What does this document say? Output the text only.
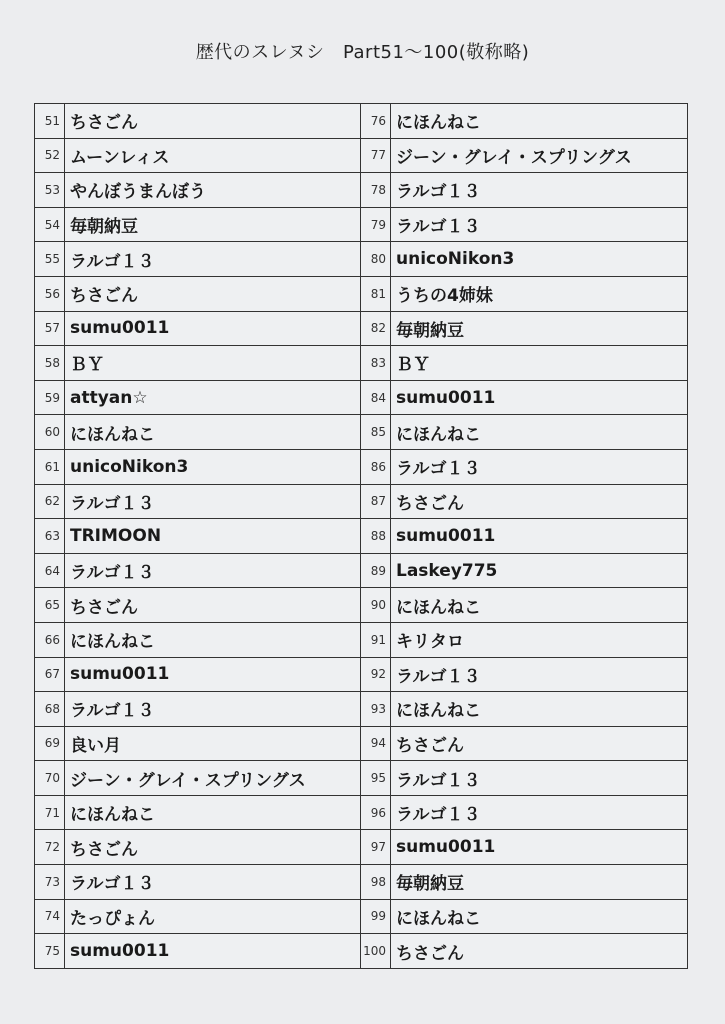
歴代のスレヌシ　Part51〜100(敬称略)
51 ちさごん
52 ムーンレィス
53 やんぼうまんぼう
54 毎朝納豆
55 ラルゴ１３
56 ちさごん
57 sumu0011
58 ＢＹ
59 attyan☆
60 にほんねこ
61 unicoNikon3
62 ラルゴ１３
63 TRIMOON
64 ラルゴ１３
65 ちさごん
66 にほんねこ
67 sumu0011
68 ラルゴ１３
69 良い月
70 ジーン・グレイ・スプリングス
71 にほんねこ
72 ちさごん
73 ラルゴ１３
74 たっぴょん
75 sumu0011
76 にほんねこ
77 ジーン・グレイ・スプリングス
78 ラルゴ１３
79 ラルゴ１３
80 unicoNikon3
81 うちの4姉妹
82 毎朝納豆
83 ＢＹ
84 sumu0011
85 にほんねこ
86 ラルゴ１３
87 ちさごん
88 sumu0011
89 Laskey775
90 にほんねこ
91 キリタロ
92 ラルゴ１３
93 にほんねこ
94 ちさごん
95 ラルゴ１３
96 ラルゴ１３
97 sumu0011
98 毎朝納豆
99 にほんねこ
100 ちさごん
